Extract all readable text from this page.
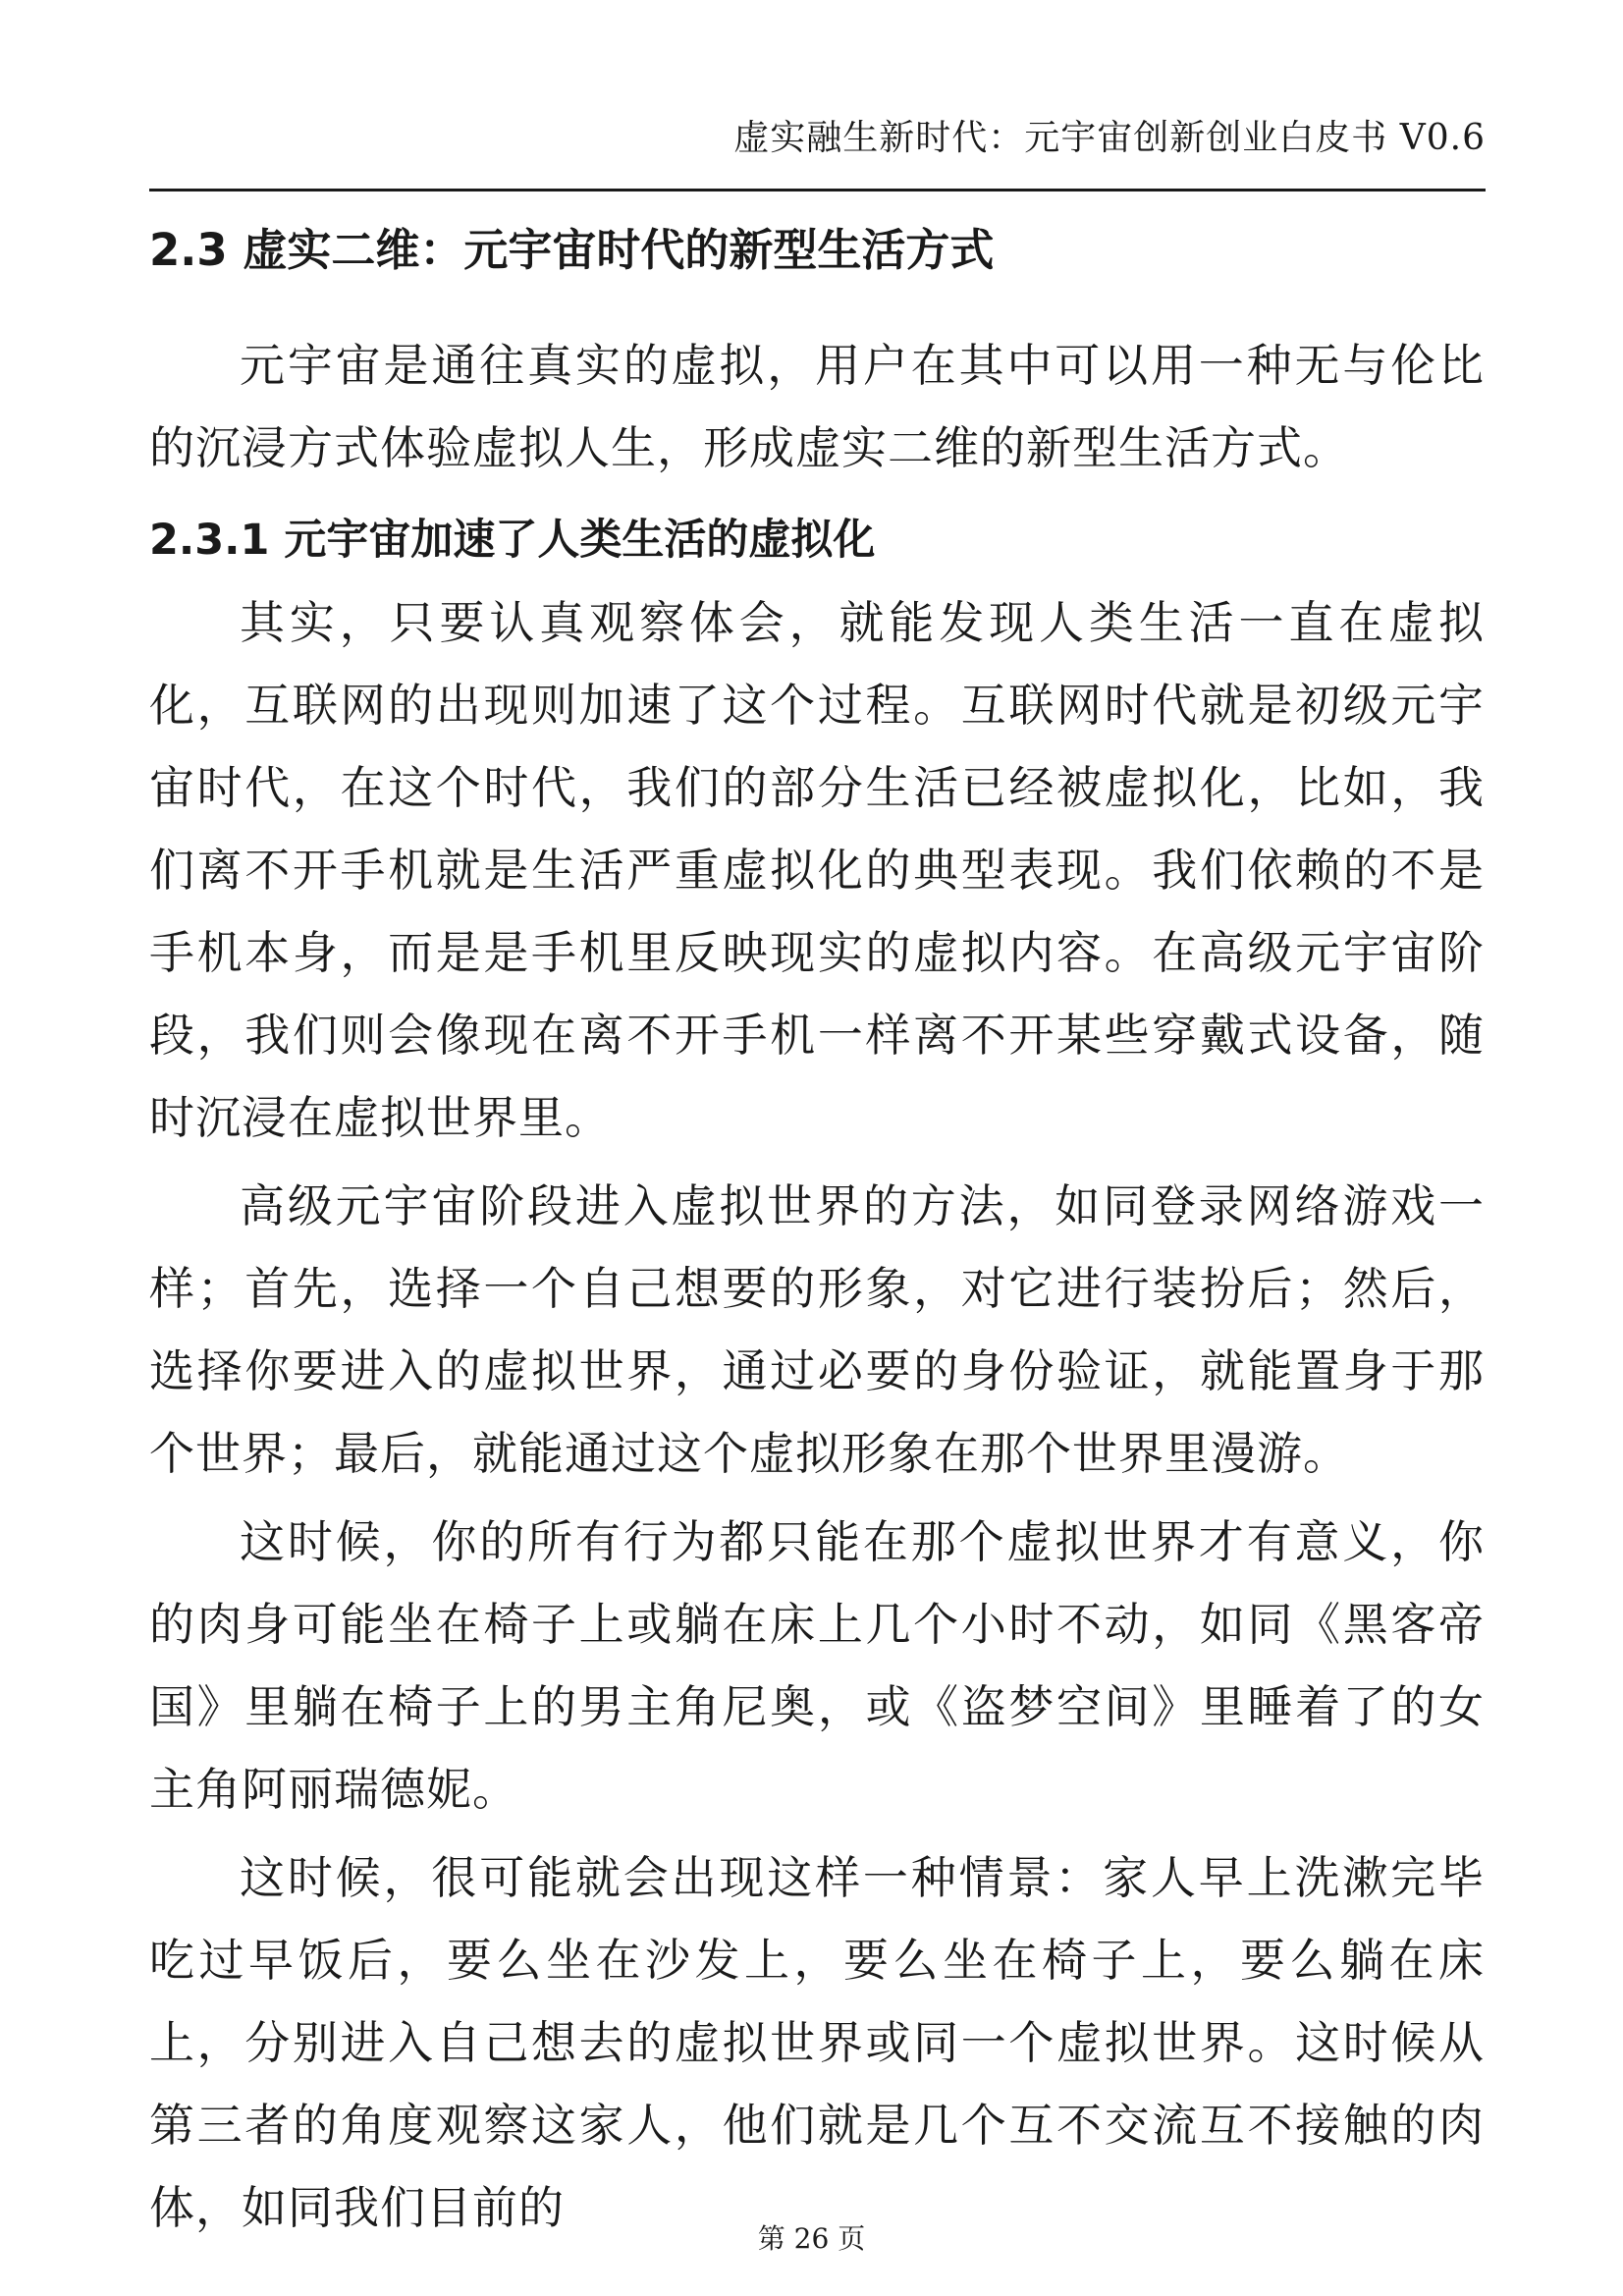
虚实融生新时代：元宇宙创新创业白皮书 V0.6
2.3 虚实二维：元宇宙时代的新型生活方式

元宇宙是通往真实的虚拟，用户在其中可以用一种无与伦比的沉浸方式体验虚拟人生，形成虚实二维的新型生活方式。

2.3.1 元宇宙加速了人类生活的虚拟化

其实，只要认真观察体会，就能发现人类生活一直在虚拟化，互联网的出现则加速了这个过程。互联网时代就是初级元宇宙时代，在这个时代，我们的部分生活已经被虚拟化，比如，我们离不开手机就是生活严重虚拟化的典型表现。我们依赖的不是手机本身，而是是手机里反映现实的虚拟内容。在高级元宇宙阶段，我们则会像现在离不开手机一样离不开某些穿戴式设备，随时沉浸在虚拟世界里。

高级元宇宙阶段进入虚拟世界的方法，如同登录网络游戏一样；首先，选择一个自己想要的形象，对它进行装扮后；然后，选择你要进入的虚拟世界，通过必要的身份验证，就能置身于那个世界；最后，就能通过这个虚拟形象在那个世界里漫游。

这时候，你的所有行为都只能在那个虚拟世界才有意义，你的肉身可能坐在椅子上或躺在床上几个小时不动，如同《黑客帝国》里躺在椅子上的男主角尼奥，或《盗梦空间》里睡着了的女主角阿丽瑞德妮。

这时候，很可能就会出现这样一种情景：家人早上洗漱完毕吃过早饭后，要么坐在沙发上，要么坐在椅子上，要么躺在床上，分别进入自己想去的虚拟世界或同一个虚拟世界。这时候从第三者的角度观察这家人，他们就是几个互不交流互不接触的肉体，如同我们目前的

第 26 页
